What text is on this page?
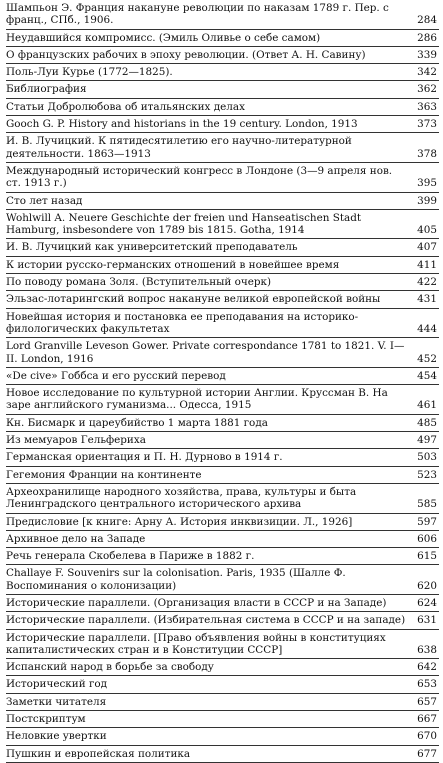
Шампьон Э. Франция накануне революции по наказам 1789 г. Пер. с франц., СПб., 1906.	284
Неудавшийся компромисс. (Эмиль Оливье о себе самом)	286
О французских рабочих в эпоху революции. (Ответ А. Н. Савину)	339
Поль-Луи Курье (1772—1825).	342
Библиография	362
Статьи Добролюбова об итальянских делах	363
Gooch G. P. History and historians in the 19 century. London, 1913	373
И. В. Лучицкий. К пятидесятилетию его научно-литературной деятельности. 1863—1913	378
Международный исторический конгресс в Лондоне (3—9 апреля нов. ст. 1913 г.)	395
Сто лет назад	399
Wohlwill A. Neuere Geschichte der freien und Hanseatischen Stadt Hamburg, insbesondere von 1789 bis 1815. Gotha, 1914	405
И. В. Лучицкий как университетский преподаватель	407
К истории русско-германских отношений в новейшее время	411
По поводу романа Золя. (Вступительный очерк)	422
Эльзас-лотарингский вопрос накануне великой европейской войны	431
Новейшая история и постановка ее преподавания на историко-филологических факультетах	444
Lord Granville Leveson Gower. Private correspondance 1781 to 1821. V. I—II. London, 1916	452
«De cive» Гоббса и его русский перевод	454
Новое исследование по культурной истории Англии. Круссман В. На заре английского гуманизма... Одесса, 1915	461
Кн. Бисмарк и цареубийство 1 марта 1881 года	485
Из мемуаров Гельфериха	497
Германская ориентация и П. Н. Дурново в 1914 г.	503
Гегемония Франции на континенте	523
Археохранилище народного хозяйства, права, культуры и быта Ленинградского центрального исторического архива	585
Предисловие [к книге: Арну А. История инквизиции. Л., 1926]	597
Архивное дело на Западе	606
Речь генерала Скобелева в Париже в 1882 г.	615
Challaye F. Souvenirs sur la colonisation. Paris, 1935 (Шалле Ф. Воспоминания о колонизации)	620
Исторические параллели. (Организация власти в СССР и на Западе)	624
Исторические параллели. (Избирательная система в СССР и на западе)	631
Исторические параллели. [Право объявления войны в конституциях капиталистических стран и в Конституции СССР]	638
Испанский народ в борьбе за свободу	642
Исторический год	653
Заметки читателя	657
Постскриптум	667
Неловкие увертки	670
Пушкин и европейская политика	677
